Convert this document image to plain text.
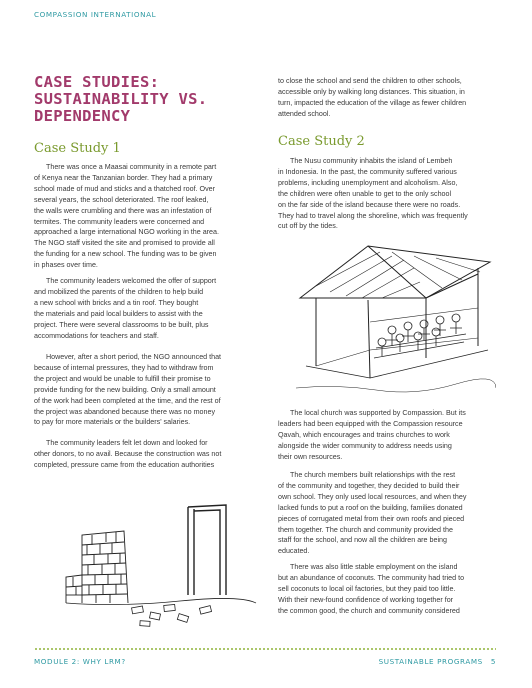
COMPASSION INTERNATIONAL
CASE STUDIES:
SUSTAINABILITY VS.
DEPENDENCY
Case Study 1
There was once a Maasai community in a remote part
of Kenya near the Tanzanian border. They had a primary
school made of mud and sticks and a thatched roof. Over
several years, the school deteriorated. The roof leaked,
the walls were crumbling and there was an infestation of
termites. The community leaders were concerned and
approached a large international NGO working in the area.
The NGO staff visited the site and promised to provide all
the funding for a new school. The funding was to be given
in phases over time.
The community leaders welcomed the offer of support
and mobilized the parents of the children to help build
a new school with bricks and a tin roof. They bought
the materials and paid local builders to assist with the
project. There were several classrooms to be built, plus
accommodations for teachers and staff.
However, after a short period, the NGO announced that
because of internal pressures, they had to withdraw from
the project and would be unable to fulfill their promise to
provide funding for the new building. Only a small amount
of the work had been completed at the time, and the rest of
the project was abandoned because there was no money
to pay for more materials or the builders' salaries.
The community leaders felt let down and looked for
other donors, to no avail. Because the construction was not
completed, pressure came from the education authorities
to close the school and send the children to other schools,
accessible only by walking long distances. This situation, in
turn, impacted the education of the village as fewer children
attended school.
Case Study 2
The Nusu community inhabits the island of Lembeh
in Indonesia. In the past, the community suffered various
problems, including unemployment and alcoholism. Also,
the children were often unable to get to the only school
on the far side of the island because there were no roads.
They had to travel along the shoreline, which was frequently
cut off by the tides.
The local church was supported by Compassion. But its
leaders had been equipped with the Compassion resource
Qavah, which encourages and trains churches to work
alongside the wider community to address needs using
their own resources.
The church members built relationships with the rest
of the community and together, they decided to build their
own school. They only used local resources, and when they
lacked funds to put a roof on the building, families donated
pieces of corrugated metal from their own roofs and pieced
them together. The church and community provided the
staff for the school, and now all the children are being
educated.
There was also little stable employment on the island
but an abundance of coconuts. The community had tried to
sell coconuts to local oil factories, but they paid too little.
With their new-found confidence of working together for
the common good, the church and community considered
MODULE 2: WHY LRM?	SUSTAINABLE PROGRAMS 5
